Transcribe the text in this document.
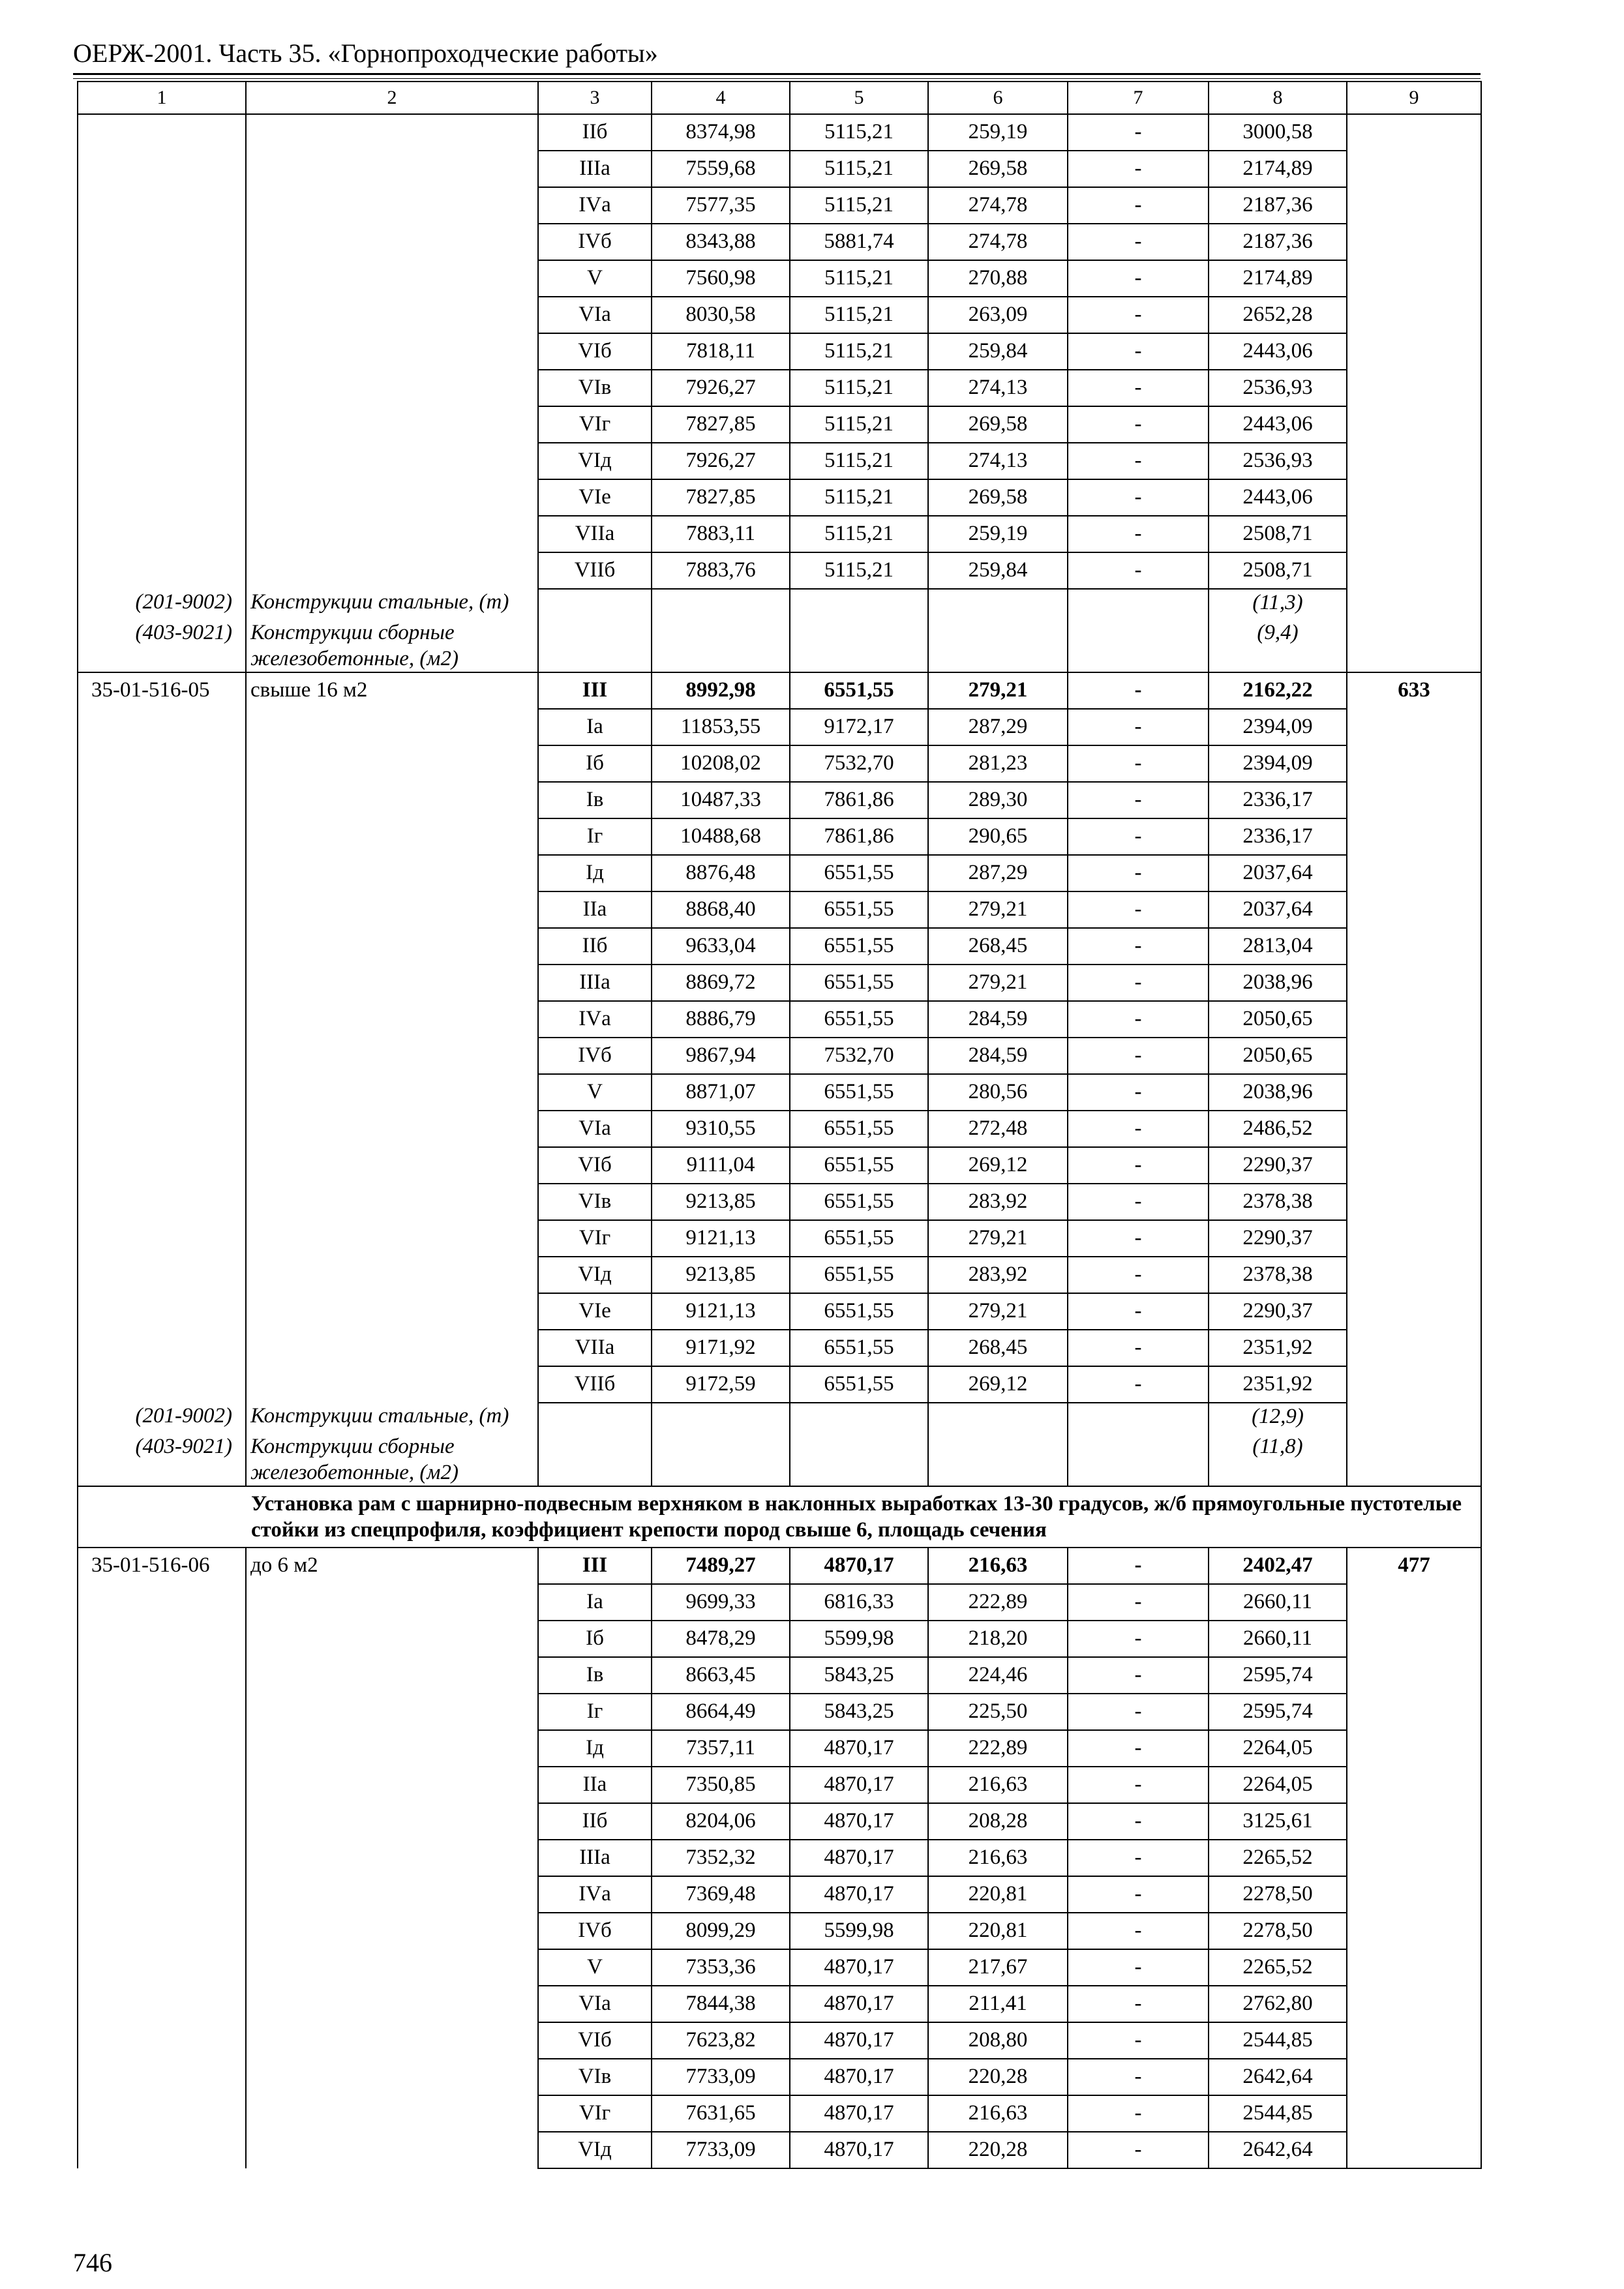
ОЕРЖ-2001. Часть 35. «Горнопроходческие работы»
1	2	3	4	5	6	7	8	9
		IIб	8374,98	5115,21	259,19	-	3000,58	
		IIIа	7559,68	5115,21	269,58	-	2174,89	
		IVа	7577,35	5115,21	274,78	-	2187,36	
		IVб	8343,88	5881,74	274,78	-	2187,36	
		V	7560,98	5115,21	270,88	-	2174,89	
		VIа	8030,58	5115,21	263,09	-	2652,28	
		VIб	7818,11	5115,21	259,84	-	2443,06	
		VIв	7926,27	5115,21	274,13	-	2536,93	
		VIг	7827,85	5115,21	269,58	-	2443,06	
		VIд	7926,27	5115,21	274,13	-	2536,93	
		VIе	7827,85	5115,21	269,58	-	2443,06	
		VIIа	7883,11	5115,21	259,19	-	2508,71	
		VIIб	7883,76	5115,21	259,84	-	2508,71	
(201-9002)	Конструкции стальные, (т)						(11,3)	
(403-9021)	Конструкции сборные железобетонные, (м2)						(9,4)	
35-01-516-05	свыше 16 м2	III	8992,98	6551,55	279,21	-	2162,22	633
		Iа	11853,55	9172,17	287,29	-	2394,09	
		Iб	10208,02	7532,70	281,23	-	2394,09	
		Iв	10487,33	7861,86	289,30	-	2336,17	
		Iг	10488,68	7861,86	290,65	-	2336,17	
		Iд	8876,48	6551,55	287,29	-	2037,64	
		IIа	8868,40	6551,55	279,21	-	2037,64	
		IIб	9633,04	6551,55	268,45	-	2813,04	
		IIIа	8869,72	6551,55	279,21	-	2038,96	
		IVа	8886,79	6551,55	284,59	-	2050,65	
		IVб	9867,94	7532,70	284,59	-	2050,65	
		V	8871,07	6551,55	280,56	-	2038,96	
		VIа	9310,55	6551,55	272,48	-	2486,52	
		VIб	9111,04	6551,55	269,12	-	2290,37	
		VIв	9213,85	6551,55	283,92	-	2378,38	
		VIг	9121,13	6551,55	279,21	-	2290,37	
		VIд	9213,85	6551,55	283,92	-	2378,38	
		VIе	9121,13	6551,55	279,21	-	2290,37	
		VIIа	9171,92	6551,55	268,45	-	2351,92	
		VIIб	9172,59	6551,55	269,12	-	2351,92	
(201-9002)	Конструкции стальные, (т)						(12,9)	
(403-9021)	Конструкции сборные железобетонные, (м2)						(11,8)	
	Установка рам с шарнирно-подвесным верхняком в наклонных выработках 13-30 градусов, ж/б прямоугольные пустотелые стойки из спецпрофиля, коэффициент крепости пород свыше 6, площадь сечения							
35-01-516-06	до 6 м2	III	7489,27	4870,17	216,63	-	2402,47	477
		Iа	9699,33	6816,33	222,89	-	2660,11	
		Iб	8478,29	5599,98	218,20	-	2660,11	
		Iв	8663,45	5843,25	224,46	-	2595,74	
		Iг	8664,49	5843,25	225,50	-	2595,74	
		Iд	7357,11	4870,17	222,89	-	2264,05	
		IIа	7350,85	4870,17	216,63	-	2264,05	
		IIб	8204,06	4870,17	208,28	-	3125,61	
		IIIа	7352,32	4870,17	216,63	-	2265,52	
		IVа	7369,48	4870,17	220,81	-	2278,50	
		IVб	8099,29	5599,98	220,81	-	2278,50	
		V	7353,36	4870,17	217,67	-	2265,52	
		VIа	7844,38	4870,17	211,41	-	2762,80	
		VIб	7623,82	4870,17	208,80	-	2544,85	
		VIв	7733,09	4870,17	220,28	-	2642,64	
		VIг	7631,65	4870,17	216,63	-	2544,85	
		VIд	7733,09	4870,17	220,28	-	2642,64	
746
